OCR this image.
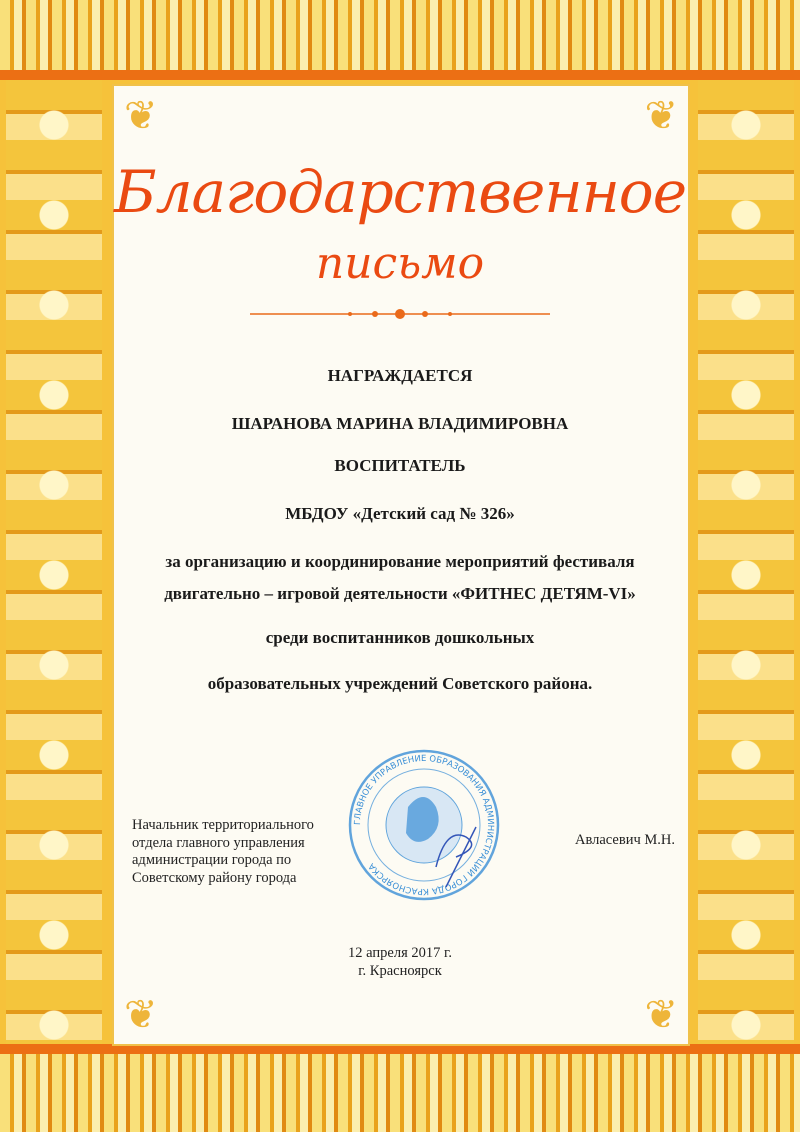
❦	❦
❦	❦
Благодарственное
письмо
НАГРАЖДАЕТСЯ
ШАРАНОВА МАРИНА ВЛАДИМИРОВНА
ВОСПИТАТЕЛЬ
МБДОУ «Детский сад № 326»
за организацию и координирование мероприятий фестиваля
двигательно – игровой деятельности «ФИТНЕС ДЕТЯМ-VI»
среди воспитанников дошкольных
образовательных учреждений Советского района.
Начальник территориального
отдела главного управления
администрации города по
Советскому району города
ГЛАВНОЕ УПРАВЛЕНИЕ ОБРАЗОВАНИЯ АДМИНИСТРАЦИИ ГОРОДА КРАСНОЯРСКА
Авласевич М.Н.
12 апреля 2017 г.
г. Красноярск
